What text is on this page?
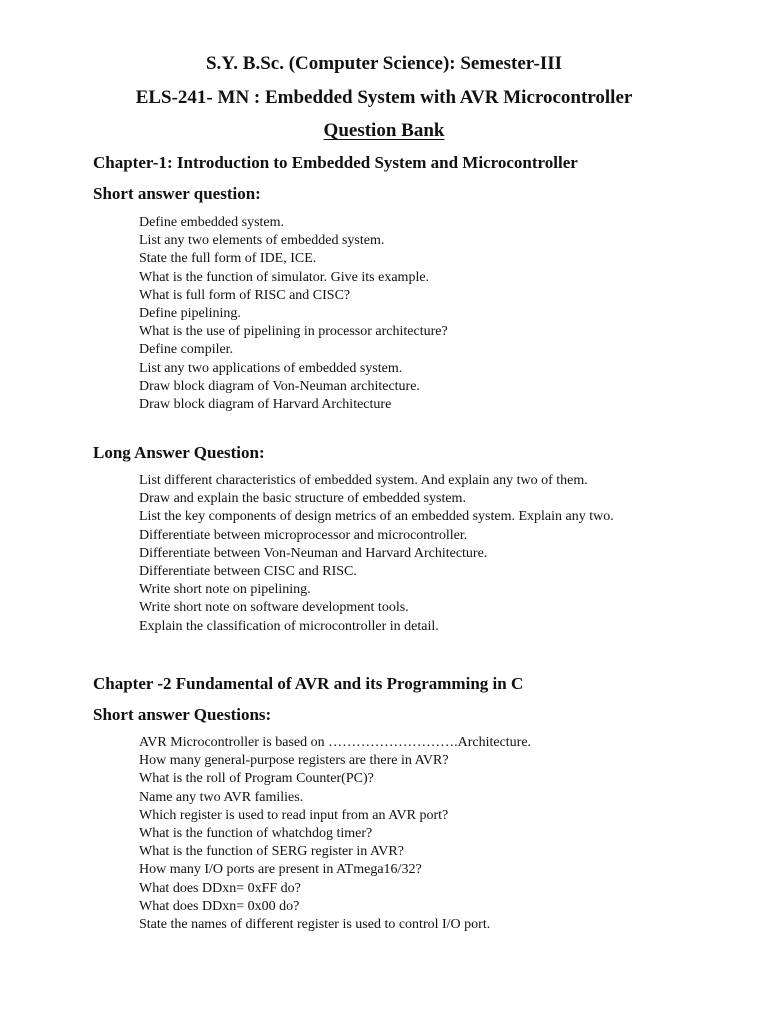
S.Y. B.Sc. (Computer Science): Semester-III
ELS-241- MN : Embedded System with AVR Microcontroller
Question Bank
Chapter-1: Introduction to Embedded System and Microcontroller
Short answer question:
Define embedded system.
List any two elements of embedded system.
State the full form of IDE, ICE.
What is the function of simulator. Give its example.
What is full form of RISC and CISC?
Define pipelining.
What is the use of pipelining in processor architecture?
Define compiler.
List any two applications of embedded system.
Draw block diagram of Von-Neuman architecture.
Draw block diagram of Harvard Architecture
Long Answer Question:
List different characteristics of embedded system. And explain any two of them.
Draw and explain the basic structure of embedded system.
List the key components of design metrics of an embedded system. Explain any two.
Differentiate between microprocessor and microcontroller.
Differentiate between Von-Neuman and Harvard Architecture.
Differentiate between CISC and RISC.
Write short note on pipelining.
Write short note on software development tools.
Explain the classification of microcontroller in detail.
Chapter -2 Fundamental of AVR and its Programming in C
Short answer Questions:
AVR Microcontroller is based on ……………………….Architecture.
How many general-purpose registers are there in AVR?
What is the roll of Program Counter(PC)?
Name any two AVR families.
Which register is used to read input from an AVR port?
What is the function of whatchdog timer?
What is the function of SERG register in AVR?
How many I/O ports are present in ATmega16/32?
What does DDxn= 0xFF do?
What does DDxn= 0x00 do?
State the names of different register is used to control I/O port.
